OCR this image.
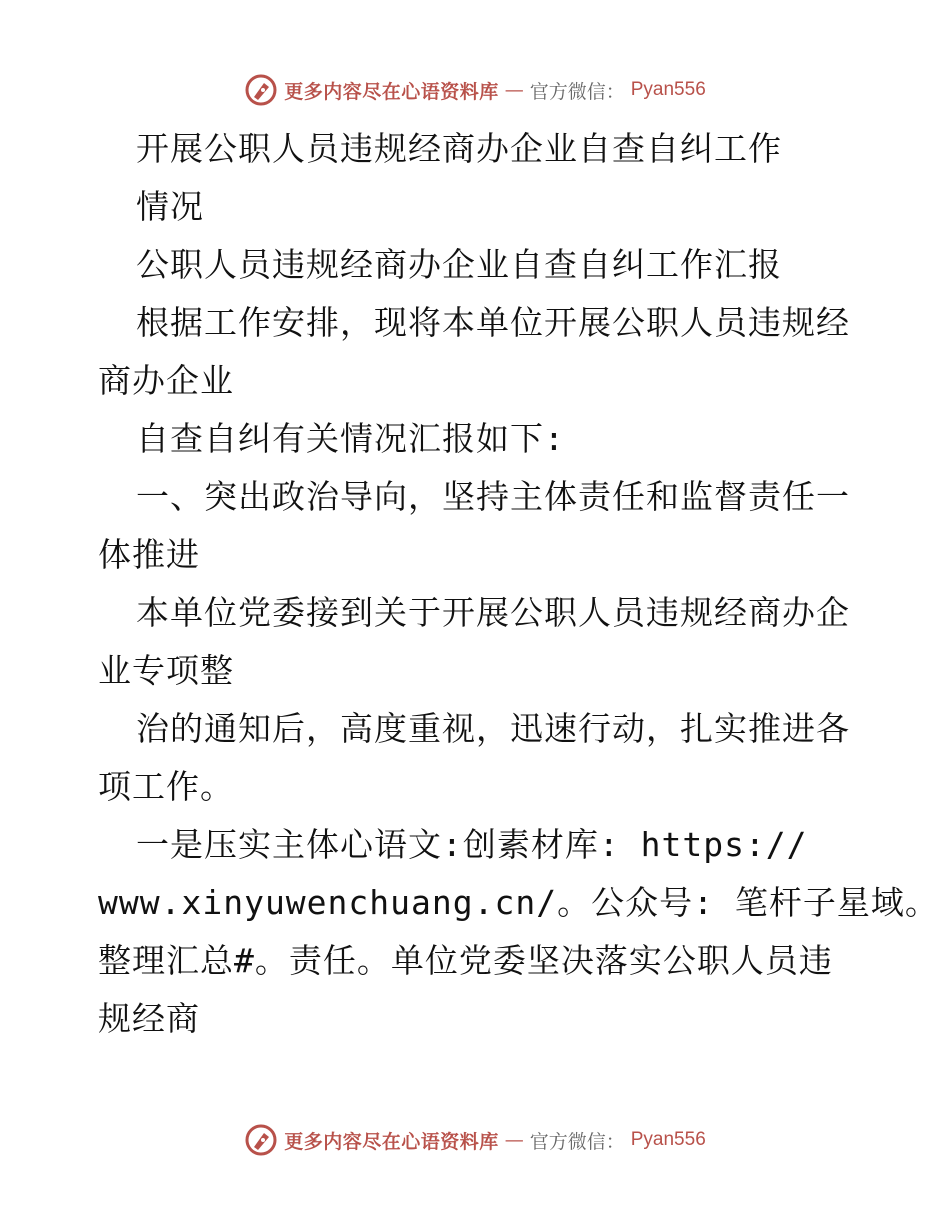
更多内容尽在心语资料库 — 官方微信： Pyan556
开展公职人员违规经商办企业自查自纠工作
情况
公职人员违规经商办企业自查自纠工作汇报
根据工作安排，现将本单位开展公职人员违规经
商办企业
自查自纠有关情况汇报如下:
一、突出政治导向，坚持主体责任和监督责任一
体推进
本单位党委接到关于开展公职人员违规经商办企
业专项整
治的通知后，高度重视，迅速行动，扎实推进各
项工作。
一是压实主体心语文:创素材库: https://
www.xinyuwenchuang.cn/。公众号: 笔杆子星域。
整理汇总#。责任。单位党委坚决落实公职人员违
规经商
更多内容尽在心语资料库 — 官方微信： Pyan556
